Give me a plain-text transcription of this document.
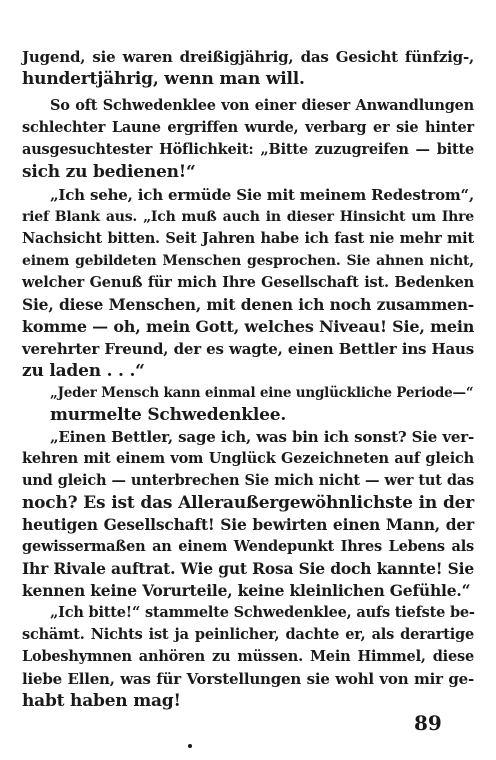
Jugend, sie waren dreißigjährig, das Gesicht fünfzig-,
hundertjährig, wenn man will.
So oft Schwedenklee von einer dieser Anwandlungen
schlechter Laune ergriffen wurde, verbarg er sie hinter
ausgesuchtester Höflichkeit: „Bitte zuzugreifen — bitte
sich zu bedienen!“
„Ich sehe, ich ermüde Sie mit meinem Redestrom“,
rief Blank aus. „Ich muß auch in dieser Hinsicht um Ihre
Nachsicht bitten. Seit Jahren habe ich fast nie mehr mit
einem gebildeten Menschen gesprochen. Sie ahnen nicht,
welcher Genuß für mich Ihre Gesellschaft ist. Bedenken
Sie, diese Menschen, mit denen ich noch zusammen-
komme — oh, mein Gott, welches Niveau! Sie, mein
verehrter Freund, der es wagte, einen Bettler ins Haus
zu laden . . .“
„Jeder Mensch kann einmal eine unglückliche Periode—“
murmelte Schwedenklee.
„Einen Bettler, sage ich, was bin ich sonst? Sie ver-
kehren mit einem vom Unglück Gezeichneten auf gleich
und gleich — unterbrechen Sie mich nicht — wer tut das
noch? Es ist das Alleraußergewöhnlichste in der
heutigen Gesellschaft! Sie bewirten einen Mann, der
gewissermaßen an einem Wendepunkt Ihres Lebens als
Ihr Rivale auftrat. Wie gut Rosa Sie doch kannte! Sie
kennen keine Vorurteile, keine kleinlichen Gefühle.“
„Ich bitte!“ stammelte Schwedenklee, aufs tiefste be-
schämt. Nichts ist ja peinlicher, dachte er, als derartige
Lobeshymnen anhören zu müssen. Mein Himmel, diese
liebe Ellen, was für Vorstellungen sie wohl von mir ge-
habt haben mag!
89
